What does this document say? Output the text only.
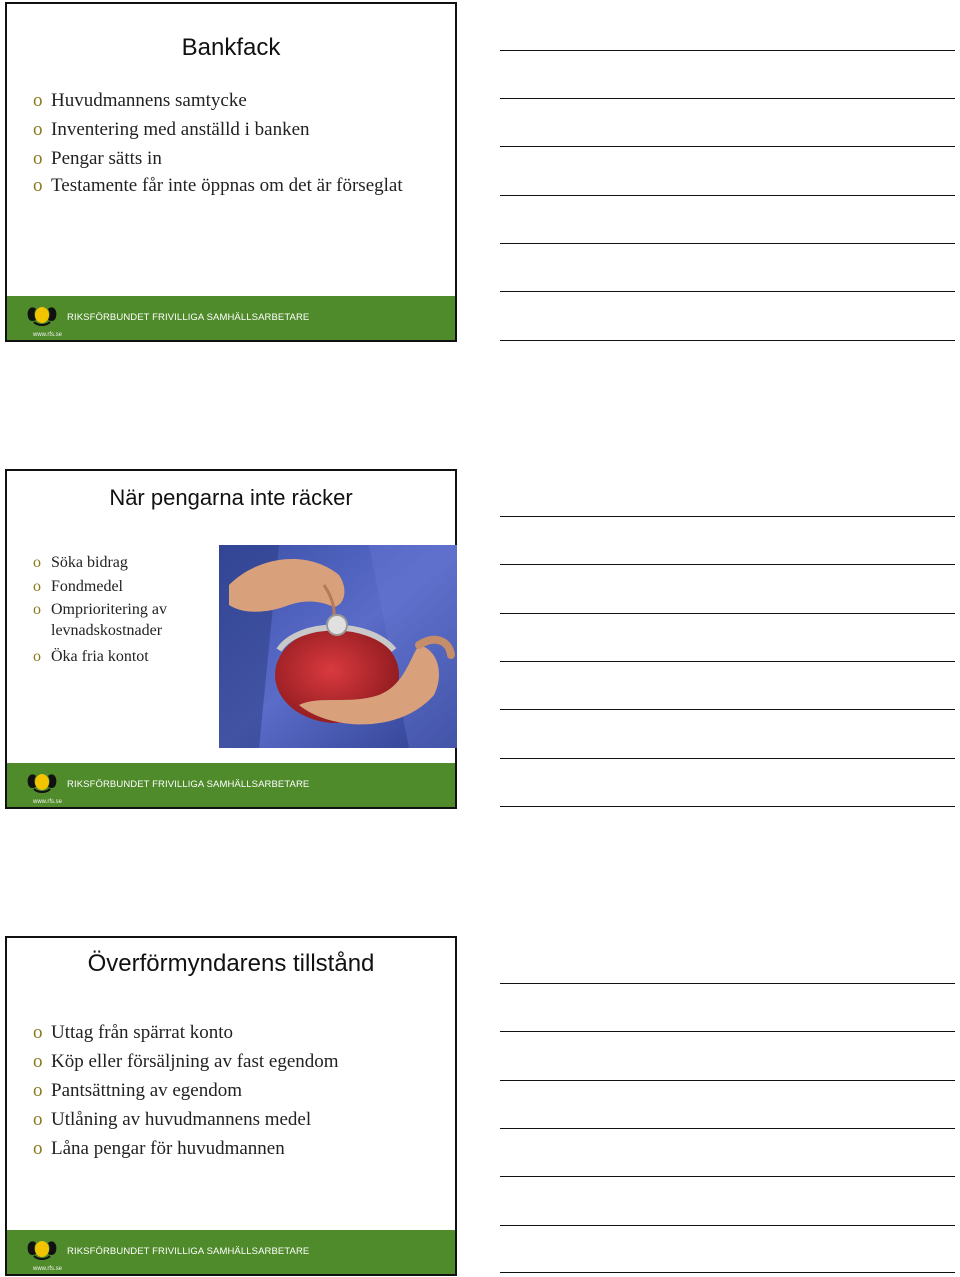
Bankfack
o Huvudmannens samtycke
o Inventering med anställd i banken
o Pengar sätts in
o Testamente får inte öppnas om det är förseglat
www.rfs.se
RIKSFÖRBUNDET FRIVILLIGA SAMHÄLLSARBETARE
När pengarna inte räcker
o Söka bidrag
o Fondmedel
o Omprioritering av levnadskostnader
o Öka fria kontot
www.rfs.se
RIKSFÖRBUNDET FRIVILLIGA SAMHÄLLSARBETARE
Överförmyndarens tillstånd
o Uttag från spärrat konto
o Köp eller försäljning av fast egendom
o Pantsättning av egendom
o Utlåning av huvudmannens medel
o Låna pengar för huvudmannen
www.rfs.se
RIKSFÖRBUNDET FRIVILLIGA SAMHÄLLSARBETARE
